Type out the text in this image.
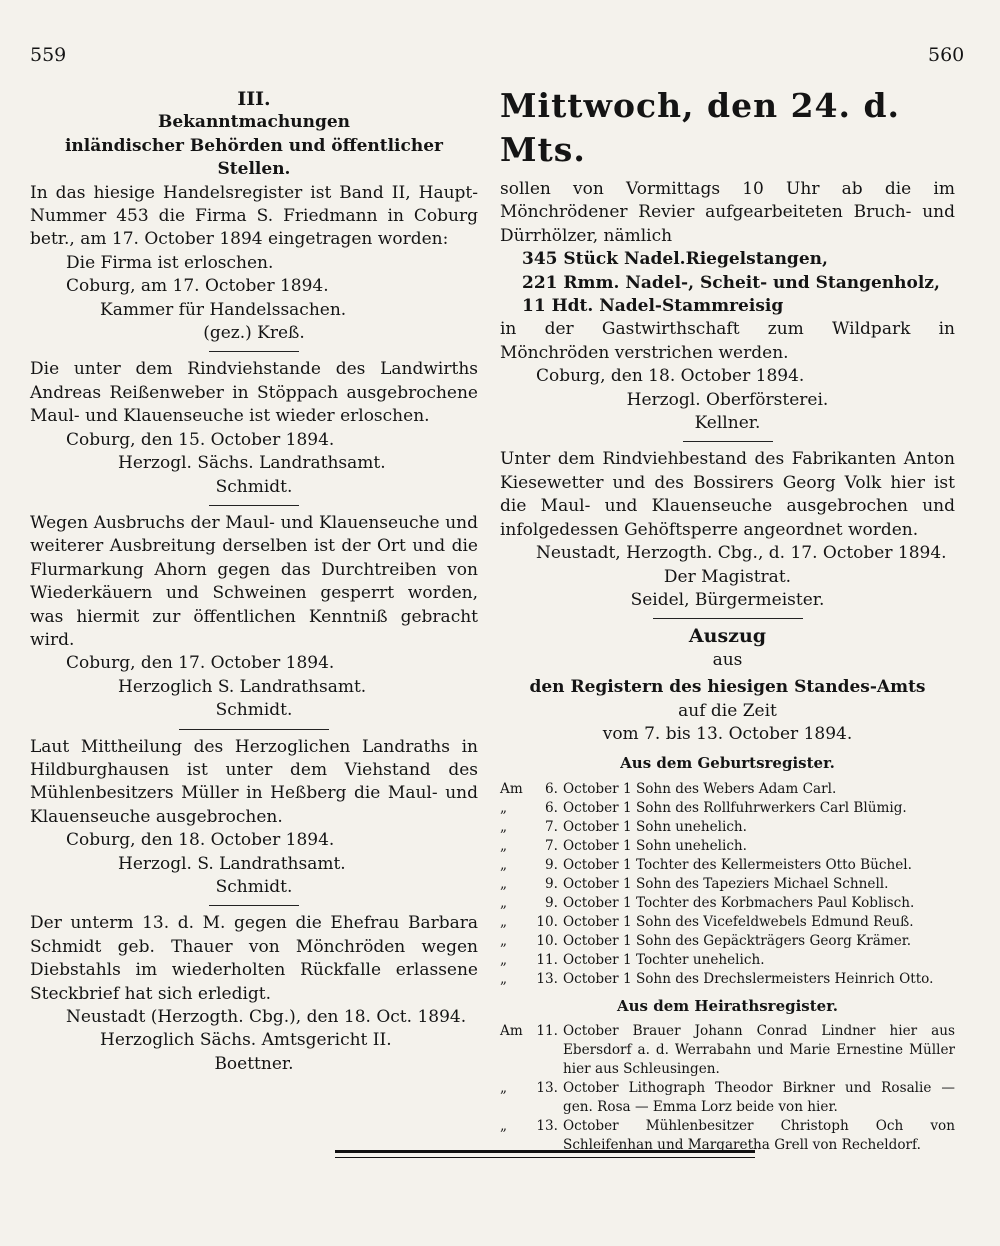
559	560
III.
Bekanntmachungen
inländischer Behörden und öffentlicher Stellen.

In das hiesige Handelsregister ist Band II, Haupt-Nummer 453 die Firma S. Friedmann in Coburg betr., am 17. October 1894 eingetragen worden:

Die Firma ist erloschen.
Coburg, am 17. October 1894.
Kammer für Handelssachen.
(gez.) Kreß.

Die unter dem Rindviehstande des Landwirths Andreas Reißenweber in Stöppach ausgebrochene Maul- und Klauenseuche ist wieder erloschen.

Coburg, den 15. October 1894.
Herzogl. Sächs. Landrathsamt.
Schmidt.

Wegen Ausbruchs der Maul- und Klauenseuche und weiterer Ausbreitung derselben ist der Ort und die Flurmarkung Ahorn gegen das Durchtreiben von Wiederkäuern und Schweinen gesperrt worden, was hiermit zur öffentlichen Kenntniß gebracht wird.

Coburg, den 17. October 1894.
Herzoglich S. Landrathsamt.
Schmidt.

Laut Mittheilung des Herzoglichen Landraths in Hildburghausen ist unter dem Viehstand des Mühlenbesitzers Müller in Heßberg die Maul- und Klauenseuche ausgebrochen.

Coburg, den 18. October 1894.
Herzogl. S. Landrathsamt.
Schmidt.

Der unterm 13. d. M. gegen die Ehefrau Barbara Schmidt geb. Thauer von Mönchröden wegen Diebstahls im wiederholten Rückfalle erlassene Steckbrief hat sich erledigt.

Neustadt (Herzogth. Cbg.), den 18. Oct. 1894.
Herzoglich Sächs. Amtsgericht II.
Boettner.
Mittwoch, den 24. d. Mts.

sollen von Vormittags 10 Uhr ab die im Mönchrödener Revier aufgearbeiteten Bruch- und Dürrhölzer, nämlich

345 Stück Nadel.Riegelstangen,
221 Rmm. Nadel-, Scheit- und Stangenholz,
11 Hdt. Nadel-Stammreisig

in der Gastwirthschaft zum Wildpark in Mönchröden verstrichen werden.

Coburg, den 18. October 1894.
Herzogl. Oberförsterei.
Kellner.

Unter dem Rindviehbestand des Fabrikanten Anton Kiesewetter und des Bossirers Georg Volk hier ist die Maul- und Klauenseuche ausgebrochen und infolgedessen Gehöftsperre angeordnet worden.

Neustadt, Herzogth. Cbg., d. 17. October 1894.
Der Magistrat.
Seidel, Bürgermeister.
Auszug
aus
den Registern des hiesigen Standes-Amts
auf die Zeit
vom 7. bis 13. October 1894.
Aus dem Geburtsregister.
Am	6. October 1 Sohn des Webers Adam Carl.
„	6. October 1 Sohn des Rollfuhrwerkers Carl Blümig.
„	7. October 1 Sohn unehelich.
„	7. October 1 Sohn unehelich.
„	9. October 1 Tochter des Kellermeisters Otto Büchel.
„	9. October 1 Sohn des Tapeziers Michael Schnell.
„	9. October 1 Tochter des Korbmachers Paul Koblisch.
„	10. October 1 Sohn des Vicefeldwebels Edmund Reuß.
„	10. October 1 Sohn des Gepäckträgers Georg Krämer.
„	11. October 1 Tochter unehelich.
„	13. October 1 Sohn des Drechslermeisters Heinrich Otto.
Aus dem Heirathsregister.
Am	11. October Brauer Johann Conrad Lindner hier aus Ebersdorf a. d. Werrabahn und Marie Ernestine Müller hier aus Schleusingen.
„	13. October Lithograph Theodor Birkner und Rosalie — gen. Rosa — Emma Lorz beide von hier.
„	13. October Mühlenbesitzer Christoph Och von Schleifenhan und Margaretha Grell von Recheldorf.
